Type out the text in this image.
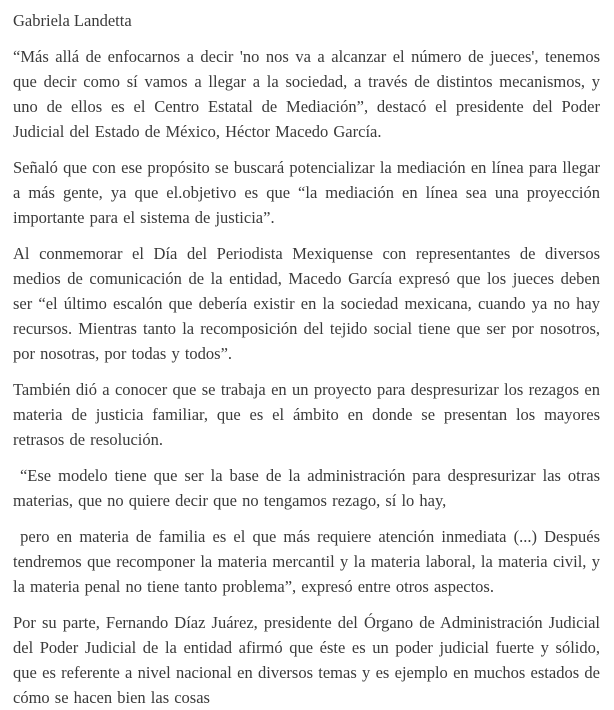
Gabriela Landetta

“Más allá de enfocarnos a decir 'no nos va a alcanzar el número de jueces', tenemos que decir como sí vamos a llegar a la sociedad, a través de distintos mecanismos, y uno de ellos es el Centro Estatal de Mediación”, destacó el presidente del Poder Judicial del Estado de México, Héctor Macedo García.

Señaló que con ese propósito se buscará potencializar la mediación en línea para llegar a más gente, ya que el.objetivo es que “la mediación en línea sea una proyección importante para el sistema de justicia”.

Al conmemorar el Día del Periodista Mexiquense con representantes de diversos medios de comunicación de la entidad, Macedo García expresó que los jueces deben ser “el último escalón que debería existir en la sociedad mexicana, cuando ya no hay recursos. Mientras tanto la recomposición del tejido social tiene que ser por nosotros, por nosotras, por todas y todos”.

También dió a conocer que se trabaja en un proyecto para despresurizar los rezagos en materia de justicia familiar, que es el ámbito en donde se presentan los mayores retrasos de resolución.

“Ese modelo tiene que ser la base de la administración para despresurizar las otras materias, que no quiere decir que no tengamos rezago, sí lo hay,

pero en materia de familia es el que más requiere atención inmediata (...) Después tendremos que recomponer la materia mercantil y la materia laboral, la materia civil, y la materia penal no tiene tanto problema”, expresó entre otros aspectos.

Por su parte, Fernando Díaz Juárez, presidente del Órgano de Administración Judicial del Poder Judicial de la entidad afirmó que éste es un poder judicial fuerte y sólido, que es referente a nivel nacional en diversos temas y es ejemplo en muchos estados de cómo se hacen bien las cosas
